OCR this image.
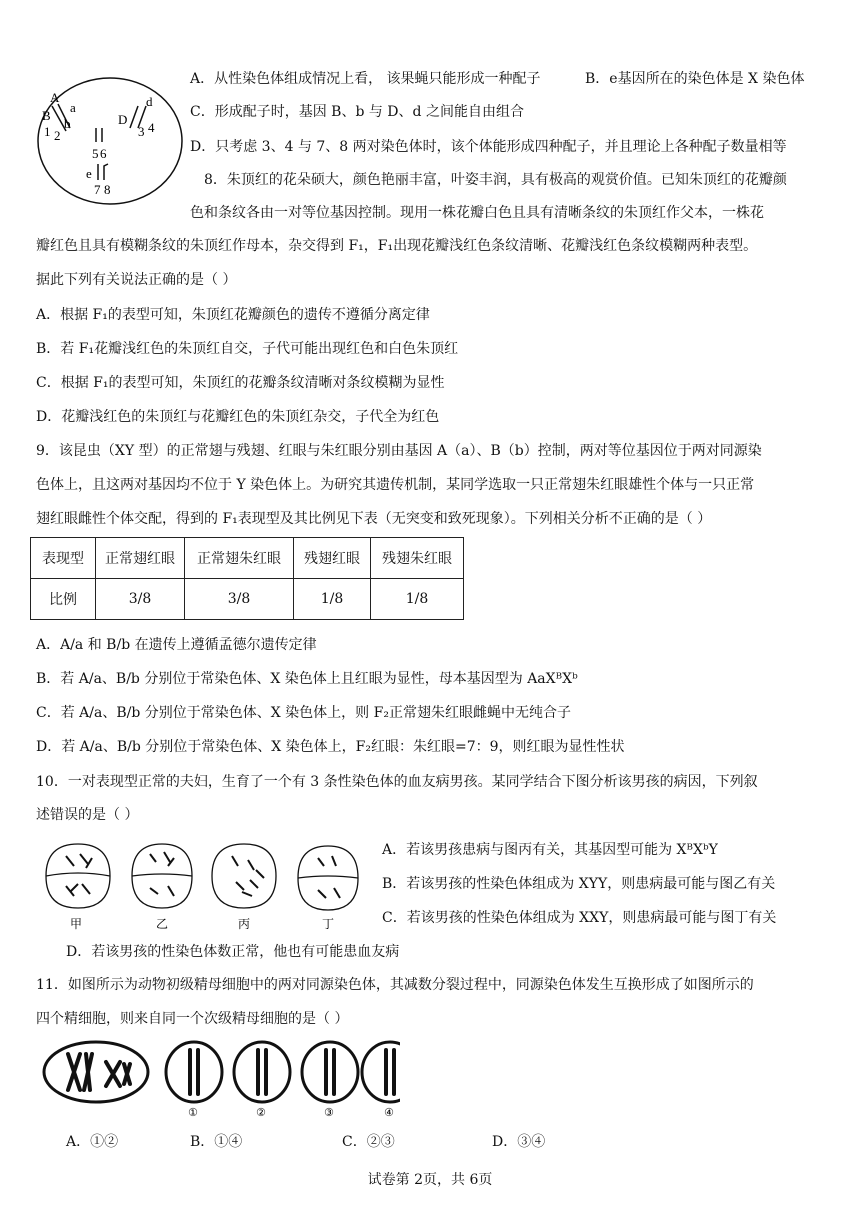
A
a
B
b
1 2
D
d
3 4
5 6
e
7 8
A．从性染色体组成情况上看， 该果蝇只能形成一种配子	B．e基因所在的染色体是 X 染色体
C．形成配子时，基因 B、b 与 D、d 之间能自由组合
D．只考虑 3、4 与 7、8 两对染色体时，该个体能形成四种配子，并且理论上各种配子数量相等
8．朱顶红的花朵硕大，颜色艳丽丰富，叶姿丰润，具有极高的观赏价值。已知朱顶红的花瓣颜
色和条纹各由一对等位基因控制。现用一株花瓣白色且具有清晰条纹的朱顶红作父本，一株花
瓣红色且具有模糊条纹的朱顶红作母本，杂交得到 F₁，F₁出现花瓣浅红色条纹清晰、花瓣浅红色条纹模糊两种表型。
据此下列有关说法正确的是（ ）
A．根据 F₁的表型可知，朱顶红花瓣颜色的遗传不遵循分离定律
B．若 F₁花瓣浅红色的朱顶红自交，子代可能出现红色和白色朱顶红
C．根据 F₁的表型可知，朱顶红的花瓣条纹清晰对条纹模糊为显性
D．花瓣浅红色的朱顶红与花瓣红色的朱顶红杂交，子代全为红色
9．该昆虫（XY 型）的正常翅与残翅、红眼与朱红眼分别由基因 A（a）、B（b）控制，两对等位基因位于两对同源染
色体上，且这两对基因均不位于 Y 染色体上。为研究其遗传机制，某同学选取一只正常翅朱红眼雄性个体与一只正常
翅红眼雌性个体交配，得到的 F₁表现型及其比例见下表（无突变和致死现象）。下列相关分析不正确的是（ ）
表现型	正常翅红眼	正常翅朱红眼	残翅红眼	残翅朱红眼
比例	3/8	3/8	1/8	1/8
A．A/a 和 B/b 在遗传上遵循孟德尔遗传定律
B．若 A/a、B/b 分别位于常染色体、X 染色体上且红眼为显性，母本基因型为 AaXᴮXᵇ
C．若 A/a、B/b 分别位于常染色体、X 染色体上，则 F₂正常翅朱红眼雌蝇中无纯合子
D．若 A/a、B/b 分别位于常染色体、X 染色体上，F₂红眼：朱红眼=7：9，则红眼为显性性状
10．一对表现型正常的夫妇，生育了一个有 3 条性染色体的血友病男孩。某同学结合下图分析该男孩的病因，下列叙
述错误的是（ ）
甲	乙	丙	丁
A．若该男孩患病与图丙有关，其基因型可能为 XᴮXᵇY
B．若该男孩的性染色体组成为 XYY，则患病最可能与图乙有关
C．若该男孩的性染色体组成为 XXY，则患病最可能与图丁有关
D．若该男孩的性染色体数正常，他也有可能患血友病
11．如图所示为动物初级精母细胞中的两对同源染色体，其减数分裂过程中，同源染色体发生互换形成了如图所示的
四个精细胞，则来自同一个次级精母细胞的是（ ）
①	②	③	④
A．①②	B．①④	C．②③	D．③④
试卷第 2页，共 6页
